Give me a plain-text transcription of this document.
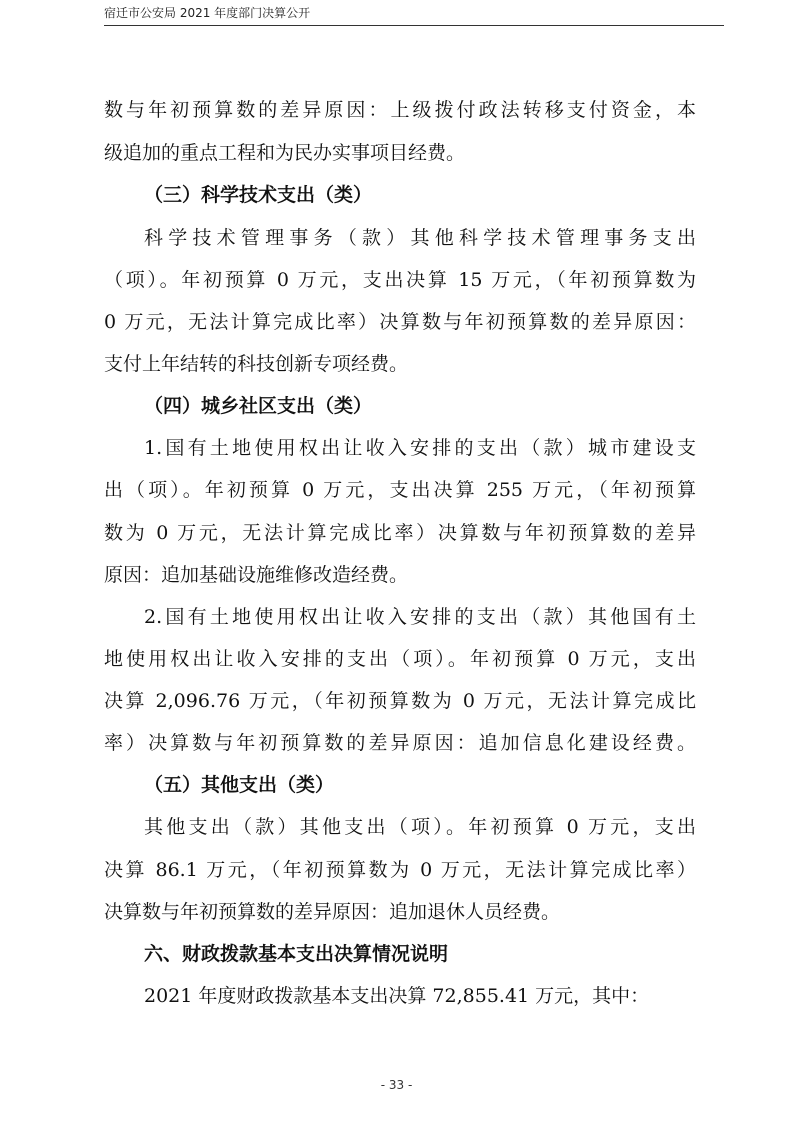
宿迁市公安局 2021 年度部门决算公开
数与年初预算数的差异原因：上级拨付政法转移支付资金，本
级追加的重点工程和为民办实事项目经费。
（三）科学技术支出（类）
科学技术管理事务（款）其他科学技术管理事务支出
（项）。年初预算 0 万元，支出决算 15 万元，（年初预算数为
0 万元，无法计算完成比率）决算数与年初预算数的差异原因：
支付上年结转的科技创新专项经费。
（四）城乡社区支出（类）
1.国有土地使用权出让收入安排的支出（款）城市建设支
出（项）。年初预算 0 万元，支出决算 255 万元，（年初预算
数为 0 万元，无法计算完成比率）决算数与年初预算数的差异
原因：追加基础设施维修改造经费。
2.国有土地使用权出让收入安排的支出（款）其他国有土
地使用权出让收入安排的支出（项）。年初预算 0 万元，支出
决算 2,096.76 万元，（年初预算数为 0 万元，无法计算完成比
率）决算数与年初预算数的差异原因：追加信息化建设经费。
（五）其他支出（类）
其他支出（款）其他支出（项）。年初预算 0 万元，支出
决算 86.1 万元，（年初预算数为 0 万元，无法计算完成比率）
决算数与年初预算数的差异原因：追加退休人员经费。
六、财政拨款基本支出决算情况说明
2021 年度财政拨款基本支出决算 72,855.41 万元，其中：
- 33 -
